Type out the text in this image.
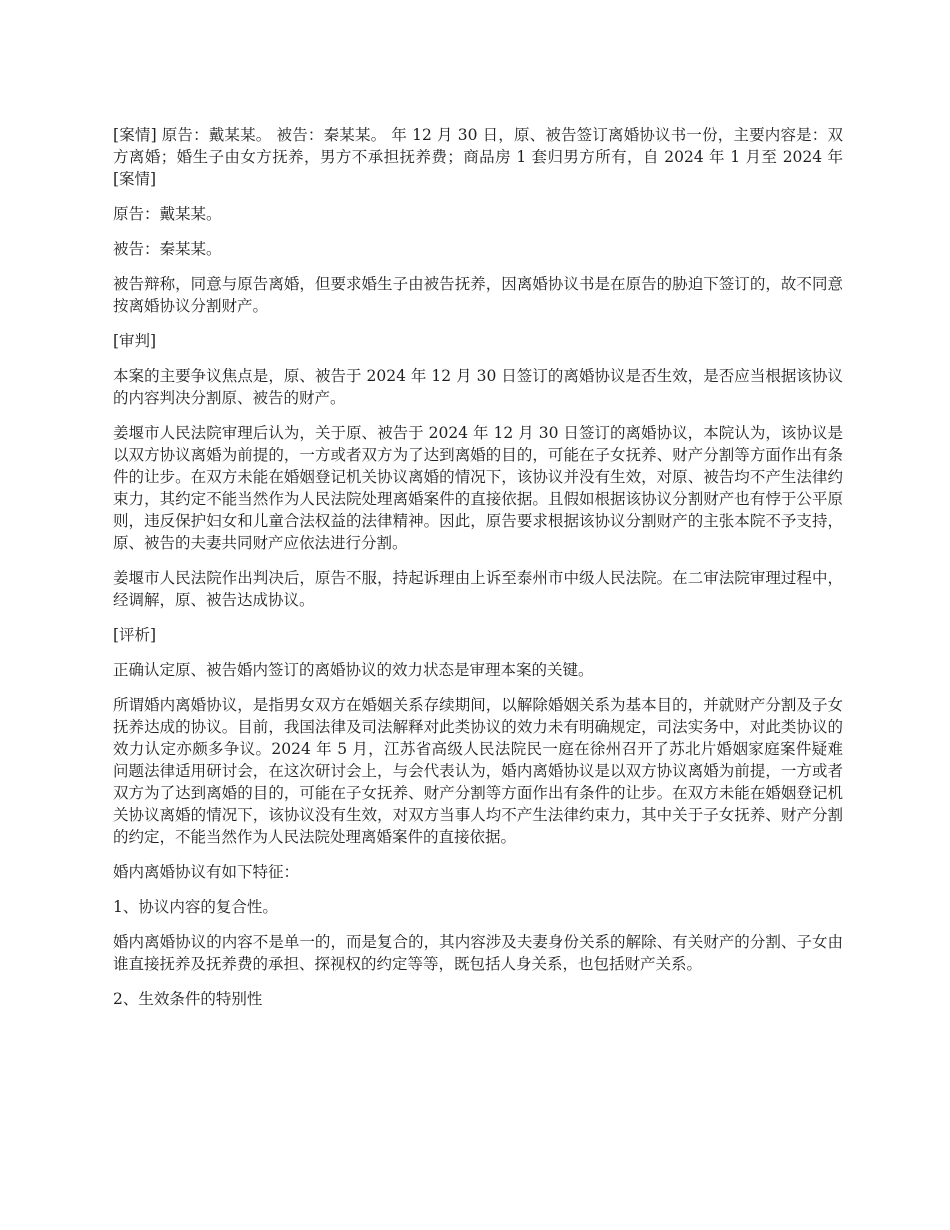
[案情] 原告：戴某某。 被告：秦某某。 年 12 月 30 日，原、被告签订离婚协议书一份，主要内容是：双方离婚；婚生子由女方抚养，男方不承担抚养费；商品房 1 套归男方所有，自 2024 年 1 月至 2024 年 [案情]

原告：戴某某。

被告：秦某某。

被告辩称，同意与原告离婚，但要求婚生子由被告抚养，因离婚协议书是在原告的胁迫下签订的，故不同意按离婚协议分割财产。

[审判]

本案的主要争议焦点是，原、被告于 2024 年 12 月 30 日签订的离婚协议是否生效，是否应当根据该协议的内容判决分割原、被告的财产。

姜堰市人民法院审理后认为，关于原、被告于 2024 年 12 月 30 日签订的离婚协议，本院认为，该协议是以双方协议离婚为前提的，一方或者双方为了达到离婚的目的，可能在子女抚养、财产分割等方面作出有条件的让步。在双方未能在婚姻登记机关协议离婚的情况下，该协议并没有生效，对原、被告均不产生法律约束力，其约定不能当然作为人民法院处理离婚案件的直接依据。且假如根据该协议分割财产也有悖于公平原则，违反保护妇女和儿童合法权益的法律精神。因此，原告要求根据该协议分割财产的主张本院不予支持，原、被告的夫妻共同财产应依法进行分割。

姜堰市人民法院作出判决后，原告不服，持起诉理由上诉至泰州市中级人民法院。在二审法院审理过程中，经调解，原、被告达成协议。

[评析]

正确认定原、被告婚内签订的离婚协议的效力状态是审理本案的关键。

所谓婚内离婚协议，是指男女双方在婚姻关系存续期间，以解除婚姻关系为基本目的，并就财产分割及子女抚养达成的协议。目前，我国法律及司法解释对此类协议的效力未有明确规定，司法实务中，对此类协议的效力认定亦颇多争议。2024 年 5 月，江苏省高级人民法院民一庭在徐州召开了苏北片婚姻家庭案件疑难问题法律适用研讨会，在这次研讨会上，与会代表认为，婚内离婚协议是以双方协议离婚为前提，一方或者双方为了达到离婚的目的，可能在子女抚养、财产分割等方面作出有条件的让步。在双方未能在婚姻登记机关协议离婚的情况下，该协议没有生效，对双方当事人均不产生法律约束力，其中关于子女抚养、财产分割的约定，不能当然作为人民法院处理离婚案件的直接依据。

婚内离婚协议有如下特征：

1、协议内容的复合性。

婚内离婚协议的内容不是单一的，而是复合的，其内容涉及夫妻身份关系的解除、有关财产的分割、子女由谁直接抚养及抚养费的承担、探视权的约定等等，既包括人身关系，也包括财产关系。

2、生效条件的特别性
